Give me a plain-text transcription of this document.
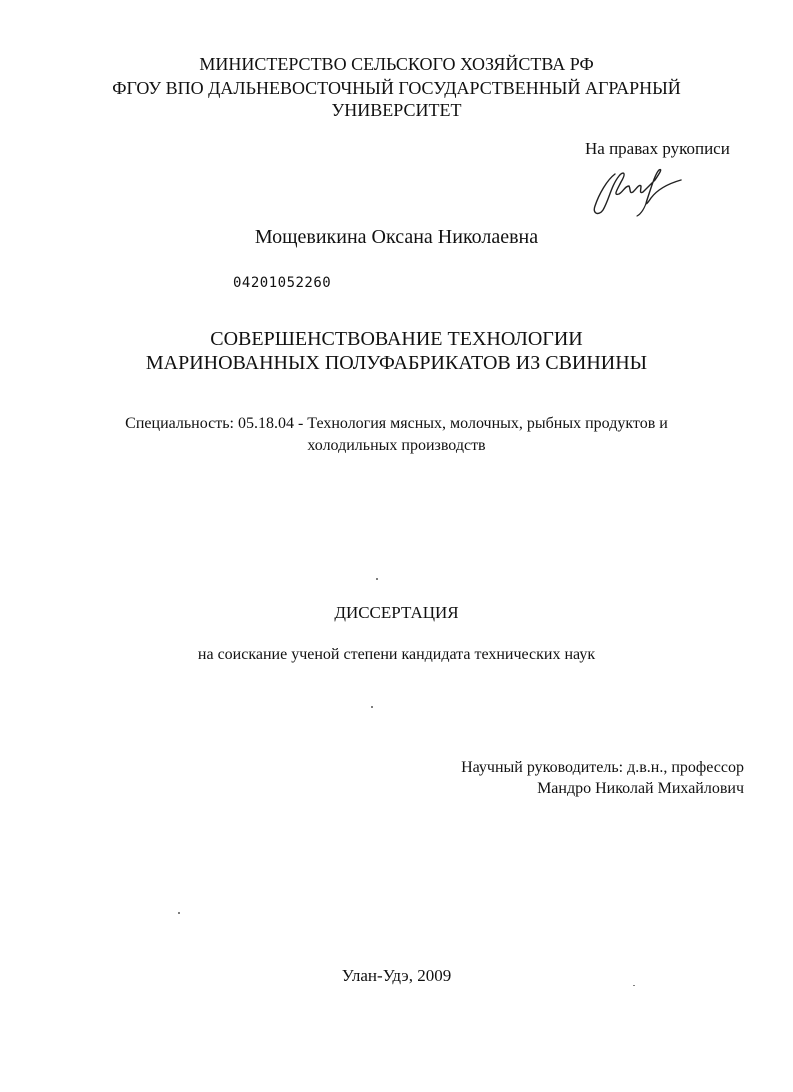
МИНИСТЕРСТВО СЕЛЬСКОГО ХОЗЯЙСТВА РФ
ФГОУ ВПО ДАЛЬНЕВОСТОЧНЫЙ ГОСУДАРСТВЕННЫЙ АГРАРНЫЙ
УНИВЕРСИТЕТ
На правах рукописи
Мощевикина Оксана Николаевна
04201052260
СОВЕРШЕНСТВОВАНИЕ ТЕХНОЛОГИИ
МАРИНОВАННЫХ ПОЛУФАБРИКАТОВ ИЗ СВИНИНЫ
Специальность: 05.18.04 - Технология мясных, молочных, рыбных продуктов и
холодильных производств
ДИССЕРТАЦИЯ
на соискание ученой степени кандидата технических наук
Научный руководитель: д.в.н., профессор
Мандро Николай Михайлович
Улан-Удэ, 2009
